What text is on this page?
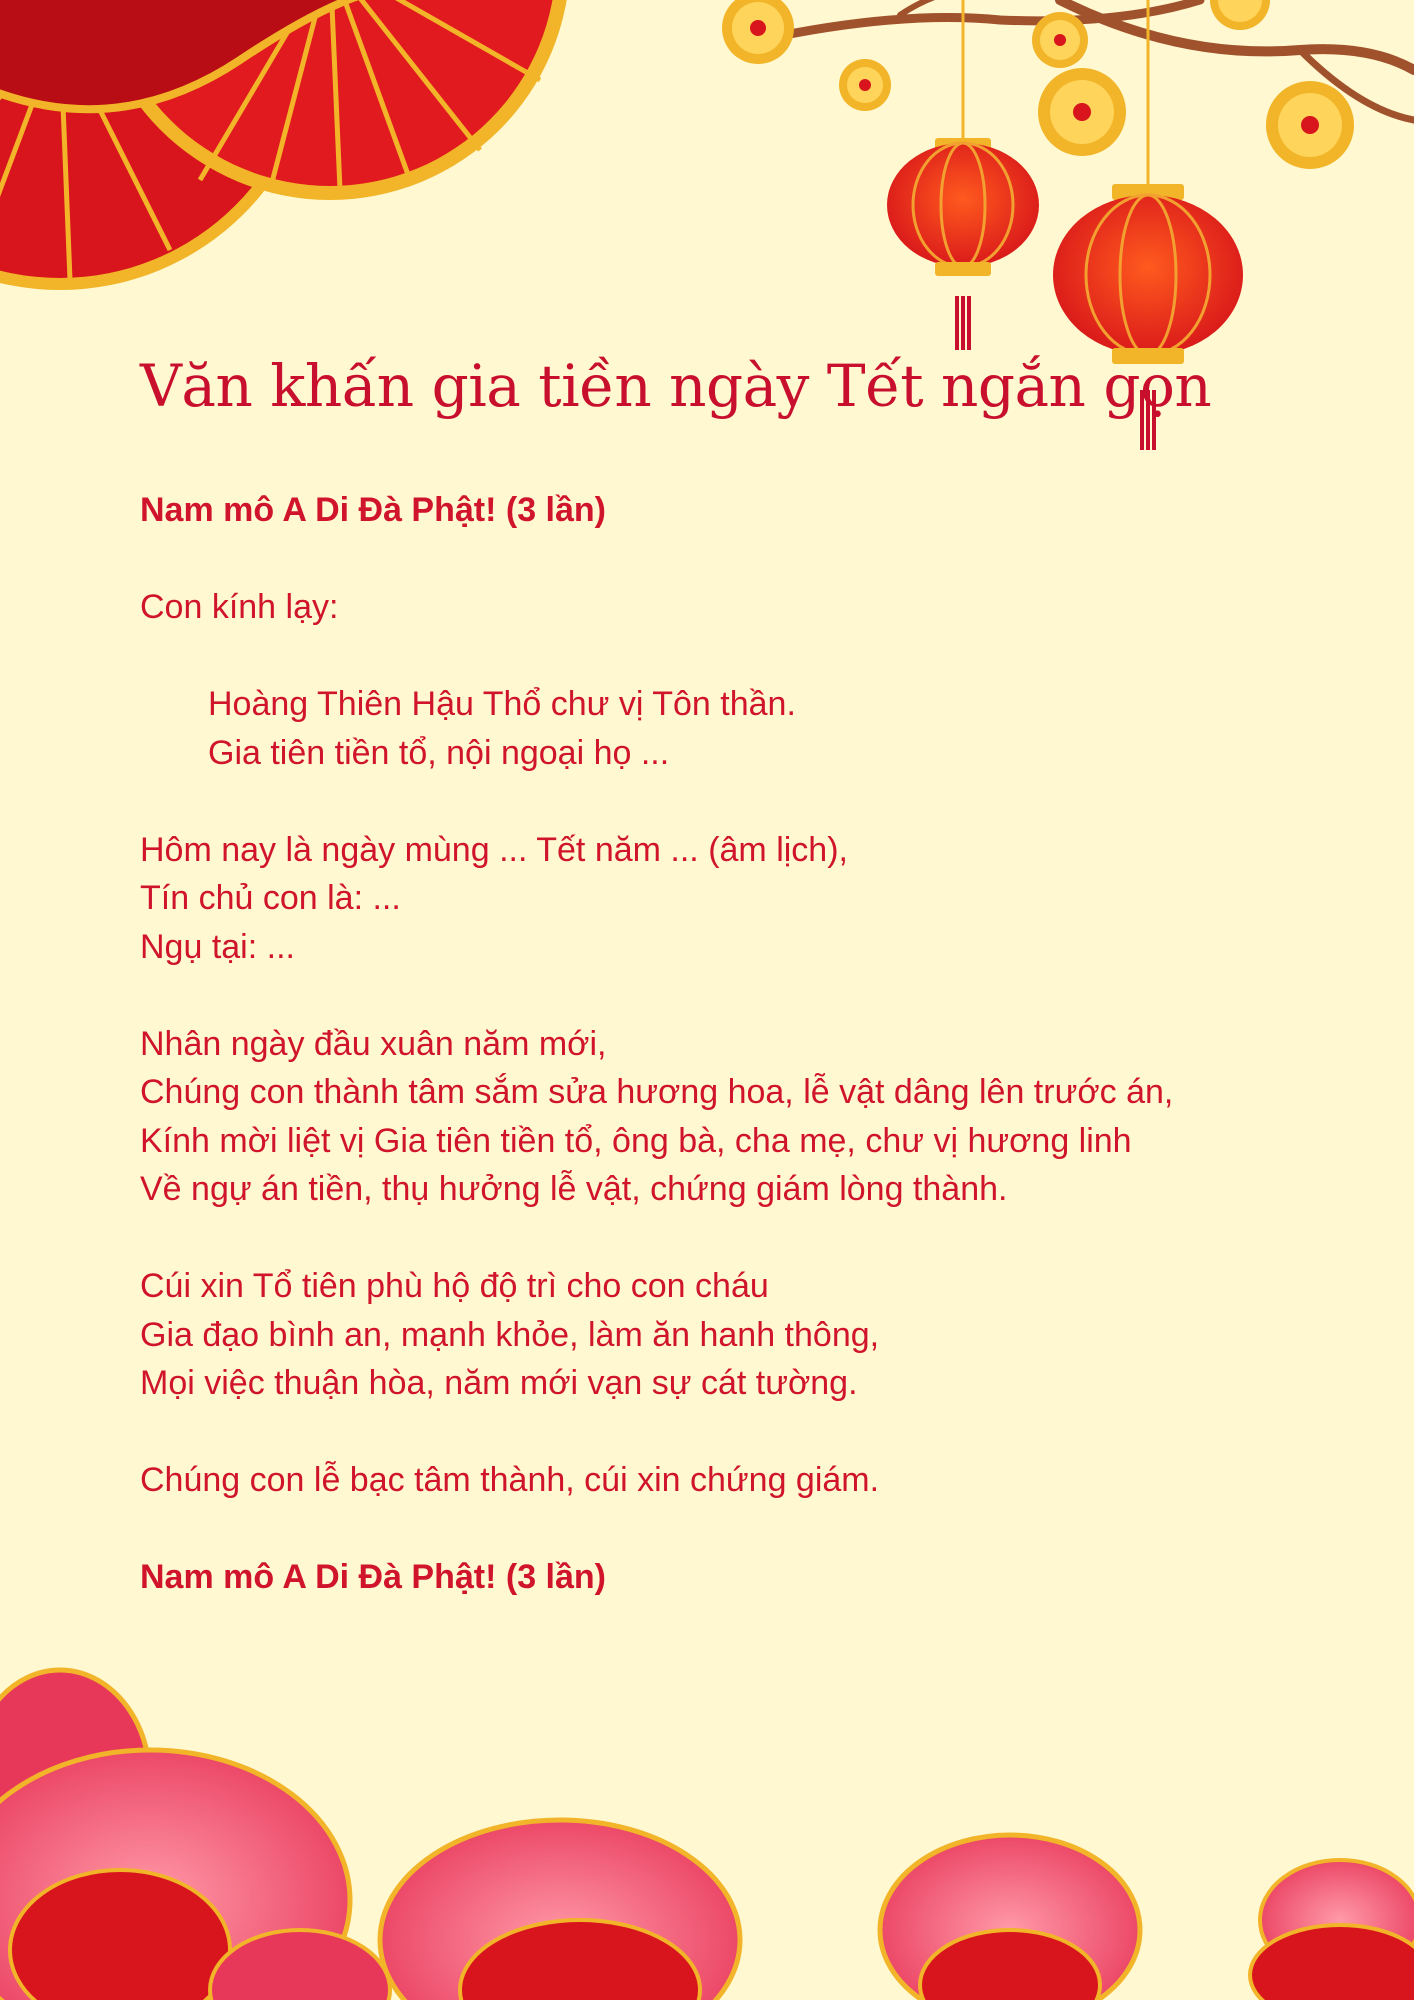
Văn khấn gia tiền ngày Tết ngắn gọn
Nam mô A Di Đà Phật! (3 lần)
Con kính lạy:
Hoàng Thiên Hậu Thổ chư vị Tôn thần.
Gia tiên tiền tổ, nội ngoại họ ...
Hôm nay là ngày mùng ... Tết năm ... (âm lịch),
Tín chủ con là: ...
Ngụ tại: ...
Nhân ngày đầu xuân năm mới,
Chúng con thành tâm sắm sửa hương hoa, lễ vật dâng lên trước án,
Kính mời liệt vị Gia tiên tiền tổ, ông bà, cha mẹ, chư vị hương linh
Về ngự án tiền, thụ hưởng lễ vật, chứng giám lòng thành.
Cúi xin Tổ tiên phù hộ độ trì cho con cháu
Gia đạo bình an, mạnh khỏe, làm ăn hanh thông,
Mọi việc thuận hòa, năm mới vạn sự cát tường.
Chúng con lễ bạc tâm thành, cúi xin chứng giám.
Nam mô A Di Đà Phật! (3 lần)
